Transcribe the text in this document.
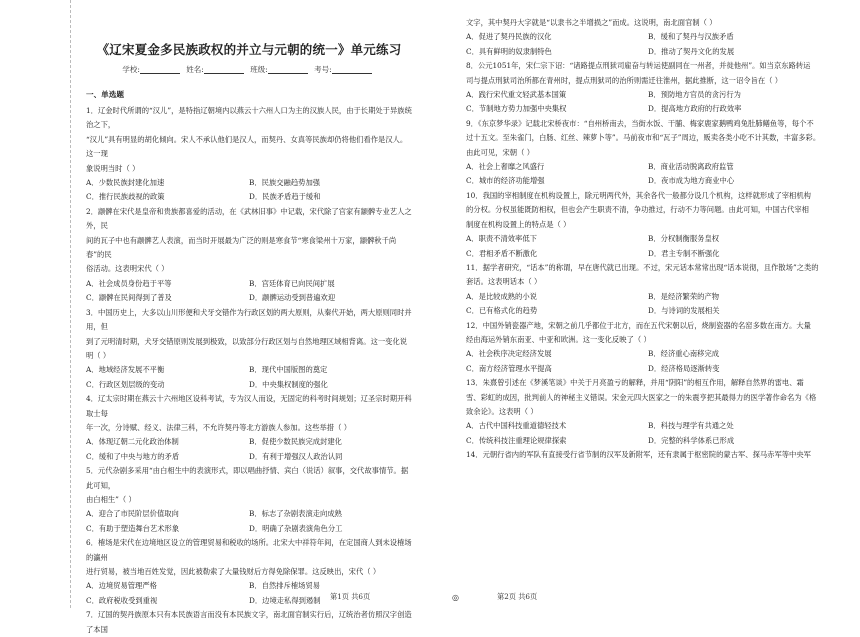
《辽宋夏金多民族政权的并立与元朝的统一》单元练习
学校:	姓名:	班级:	考号:
一、单选题
1．辽金时代所谓的“汉儿”，是特指辽朝境内以燕云十六州人口为主的汉族人民，由于长期处于异族统治之下，
“汉儿”具有明显的胡化倾向。宋人不承认他们是汉人，而契丹、女真等民族却仍将他们看作是汉人。这一现
象说明当时（ ）
A．少数民族封建化加速	B．民族交融趋势加强
C．推行民族歧视的政策	D．民族矛盾趋于缓和
2．颛髀在宋代是皇帝和贵族都喜爱的活动，在《武林旧事》中记载，宋代除了官家有颛髀专业艺人之外，民
间的瓦子中也有颛髀艺人表演，而当时开展最为广泛的则是寒食节“寒食梁州十万家，颛髀秋千尚春”的民
俗活动。这表明宋代（ ）
A．社会成员身份趋于平等	B．宫廷体育已向民间扩展
C．颛髀在民间得到了普及	D．颛髀运动受到普遍欢迎
3．中国历史上，大多以山川形便和犬牙交错作为行政区划的两大原则，从秦代开始，两大原则同时并用，但
到了元明清时期，犬牙交错原则发展到极致，以致部分行政区划与自然地理区域相背离。这一变化说明（ ）
A．地域经济发展不平衡	B．现代中国版图的奠定
C．行政区划层级的变动	D．中央集权制度的强化
4．辽太宗时期在燕云十六州地区设科考试，专为汉人而设，无固定的科考时间规划；辽圣宗时期开科取士每
年一次，分诗赋、经义、法律三科，不允许契丹等北方游族人参加。这些举措（ ）
A．体现辽朝二元化政治体制	B．促使少数民族完成封建化
C．缓和了中央与地方的矛盾	D．有利于增强汉人政治认同
5．元代杂剧多采用“由白相生中的表演形式，即以唱曲抒情、宾白（说话）叙事，交代故事情节。据此可知，
由白相生”（ ）
A．迎合了市民阶层价值取向	B．标志了杂剧表演走向成熟
C．有助于塑造舞台艺术形象	D．明确了杂剧表演角色分工
6．榷场是宋代在边境地区设立的管理贸易和税收的场所。北宋大中祥符年间，在定国商人到未设榷场的瀛州
进行贸易，被当地百姓发觉，因此被勒索了大量钱财后方得免除保罪。这反映出，宋代（ ）
A．边境贸易管理严格	B．自然排斥榷场贸易
C．政府税收受到重视	D．边境走私得到遏制
7．辽国的契丹族原本只有本民族语言而没有本民族文字，南北面官制实行后，辽统治者仿照汉字创造了本国
文字，其中契丹大字就是“以隶书之半增损之”而成。这说明，南北面官制（ ）
A．促进了契丹民族的汉化	B．缓和了契丹与汉族矛盾
C．具有鲜明的奴隶制特色	D．推动了契丹文化的发展
8．公元1051年，宋仁宗下诏：“诸路提点刑狱司雇奋与转运使副同在一州者，并徙他州”。如当京东路转运
司与提点刑狱司治所都在青州时，提点刑狱司的治所则需迁往淮州，据此推断，这一诏令旨在（ ）
A．践行宋代重文轻武基本国策	B．预防地方官员的贪污行为
C．节制地方势力加强中央集权	D．提高地方政府的行政效率
9．《东京梦华录》记载北宋桥夜市：“自州桥南去，当街水饭、干脯、梅家鹿家鹅鸭鸡兔肚肺鳝鱼等，每个不
过十五文。至朱雀门，白肠、红丝、辣萝卜等”。马前夜市和“瓦子”周边，贩卖各类小吃不计其数，丰富多彩。
由此可见，宋朝（ ）
A．社会上奢靡之风盛行	B．商业活动脱离政府监管
C．城市的经济功能增强	D．夜市成为地方商业中心
10．我国的宰相制度在机构设置上，除元明两代外，其余各代一般都分设几个机构，这样就形成了宰相机构
的分权。分权虽能既防相权，但也会产生职责不清，争功推过，行动不力等问题。由此可知，中国古代宰相
制度在机构设置上的特点是（ ）
A．职责不清效率低下	B．分权制衡服务皇权
C．君相矛盾不断激化	D．君主专制不断强化
11．据学者研究，“话本”的称谓，早在唐代就已出现。不过，宋元话本常常出现“话本说彻，且作散场”之类的
套话。这表明话本（ ）
A．是比较成熟的小说	B．是经济繁荣的产物
C．已有格式化的趋势	D．与诗词的发展相关
12．中国外销瓷器产地，宋朝之前几乎都位于北方，而在五代宋朝以后，烧制瓷器的名窑多数在南方。大量
经由海运外销东南亚、中亚和欧洲。这一变化反映了（ ）
A．社会秩序决定经济发展	B．经济重心南移完成
C．南方经济管理水平提高	D．经济格局逐渐转变
13．朱熹曾引述在《梦溪笔谈》中关于月亮盈亏的解释，并用“阴阳”的相互作用，解释自然界的雷电、霜
雪、彩虹的成因，批判前人的神秘主义错误。宋金元四大医家之一的朱震亨把其最得力的医学著作命名为《格
致余论》。这表明（ ）
A．古代中国科技重道德轻技术	B．科技与理学有共通之处
C．传统科技注重理论规律探索	D．完整的科学体系已形成
14．元朝行省内的军队有直接受行省节制的汉军及新附军，还有隶属于枢密院的蒙古军、探马赤军等中央军
第1页 共6页	◎	第2页 共6页
